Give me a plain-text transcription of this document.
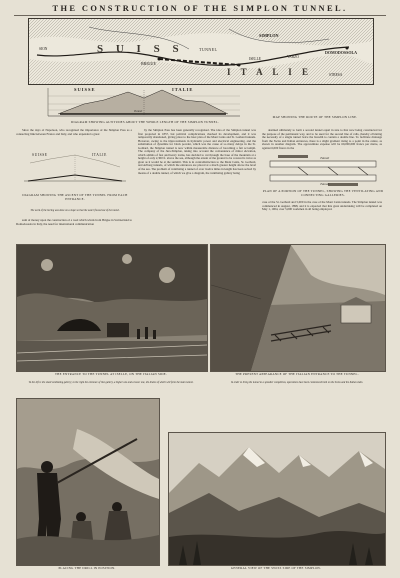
THE CONSTRUCTION OF THE SIMPLON TUNNEL.
S U I S S
I T A L I E
TUNNEL
SIMPLON
BRIGUE
DOMODOSSOLA
STRESA
VARZO
ISELLE
SION
SUISSE	ITALIE
Tunnel
DIAGRAM SHOWING ALTITUDES ABOUT THE WHOLE LENGTH OF THE SIMPLON TUNNEL.
MAP SHOWING THE ROUTE OF THE SIMPLON LINE.

Since the days of Napoleon, who recognised the importance of the Simplon Pass as a connecting link between France and Italy, and who expended a great

SUISSE	ITALIE
DIAGRAM SHOWING THE ASCENT OF THE TUNNEL FROM EACH ENTRANCE.
The work of the boring was done on a slope so that the water flowed out of the tunnel.

sum of money upon the construction of a road which winds from Brigue in Switzerland to Domodossola in Italy, the need for international communication

by the Simplon Pass has been generally recognised. The idea of the Simplon tunnel was first projected in 1857, but political complications checked its development, and it was temporarily abandoned, giving place to the later plan of the Mont Cenis and St. Gothard tunnels. However, owing to the improvements in hydraulic power and electrical engineering, and the substitution of dynamite for black powder, which was the cause of so many delays in the St. Gothard, the Simplon tunnel is now within measurable distance of becoming a fait accompli. The company of the Jura-Simplon, taking into account the convenience of minor elevation, which admits of fast and heavy trains, has decided to cut through the base of the mountain at a height of only 2,300 ft. above the sea, although the extent of the ground to be covered is twice as great as it would be at the summit. This is in contradistinction to the Mont Cenis, St. Gothard, and Arlberg tunnels, of which the entrances are placed at a much greater height above the level of the sea. The problem of ventilating a tunnel of over twelve miles in length has been solved by means of a double tunnel, of which we give a diagram, the ventilating gallery being

destined ultimately to form a second tunnel equal in size to that now being constructed for the purpose of the permanent way, and to be used for the second line of rails, thereby obviating the necessity of a single tunnel twice the breadth to contain a double line. To facilitate drainage from the Swiss and Italian entrances, there is a slight gradient rising to a point in the centre, as shown in another diagram. The approximate expense will be 69,000,000 francs per metre, as against 6,000 francs in the

Tunnel
Tunnel
PLAN OF A PORTION OF THE TUNNEL, SHOWING THE VENTILATING AND CONNECTING GALLERIES.

case of the St. Gothard and 5,000 in the case of the Mont Cenis tunnels. The Simplon tunnel was commenced in August, 1898, and it is expected that this great undertaking will be completed on May 1, 1904, over 5,000 workmen in all being employed.

THE ENTRANCE TO THE TUNNEL AT ISELLE, ON THE ITALIAN SIDE.
To the left is the small ventilating gallery; to the right the entrance of line gallery, a higher one and a lower one, the drains of which will form the main tunnel.
THE PRESENT APPEARANCE OF THE ITALIAN ENTRANCE TO THE TUNNEL.
In order to bring the tunnel to a speedier completion, operations have been commenced both on the Swiss and the Italian sides.
PLACING THE DRILL IN POSITION.	GENERAL VIEW OF THE SWISS SIDE OF THE SIMPLON.
